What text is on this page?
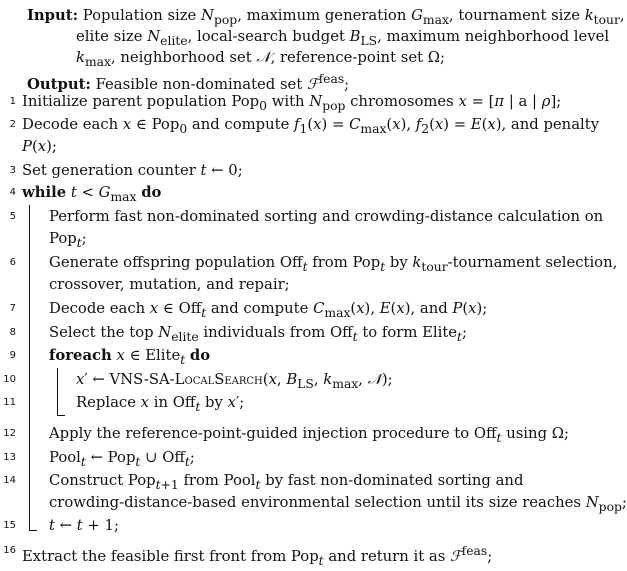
Input: Population size $N_{pop}$, maximum generation $G_{max}$, tournament size $k_{tour}$,
elite size $N_{elite}$, local-search budget $B_{LS}$, maximum neighborhood level
$k_{max}$, neighborhood set 𝒩, reference-point set Ω;
Output: Feasible non-dominated set ℱ$^{feas}$;
1 Initialize parent population Pop$_0$ with $N_{pop}$ chromosomes x = [π | a | ρ];
2 Decode each x ∈ Pop$_0$ and compute $f_1(x) = C_{max}(x)$, $f_2(x) = E(x)$, and penalty
P(x);
3 Set generation counter t ← 0;
4 while $t < G_{max}$ do
5 Perform fast non-dominated sorting and crowding-distance calculation on
Pop$_t$;
6 Generate offspring population Off$_t$ from Pop$_t$ by $k_{tour}$-tournament selection,
crossover, mutation, and repair;
7 Decode each x ∈ Off$_t$ and compute $C_{max}(x)$, E(x), and P(x);
8 Select the top $N_{elite}$ individuals from Off$_t$ to form Elite$_t$;
9 foreach x ∈ Elite$_t$ do
10	x′ ← VNS-SA-LocalSearch(x, $B_{LS}$, $k_{max}$, 𝒩);
11	Replace x in Off$_t$ by x′;
12 Apply the reference-point-guided injection procedure to Off$_t$ using Ω;
13 Pool$_t$ ← Pop$_t$ ∪ Off$_t$;
14 Construct Pop$_{t+1}$ from Pool$_t$ by fast non-dominated sorting and
crowding-distance-based environmental selection until its size reaches $N_{pop}$;
15 t ← t + 1;
16 Extract the feasible first front from Pop$_t$ and return it as ℱ$^{feas}$;
